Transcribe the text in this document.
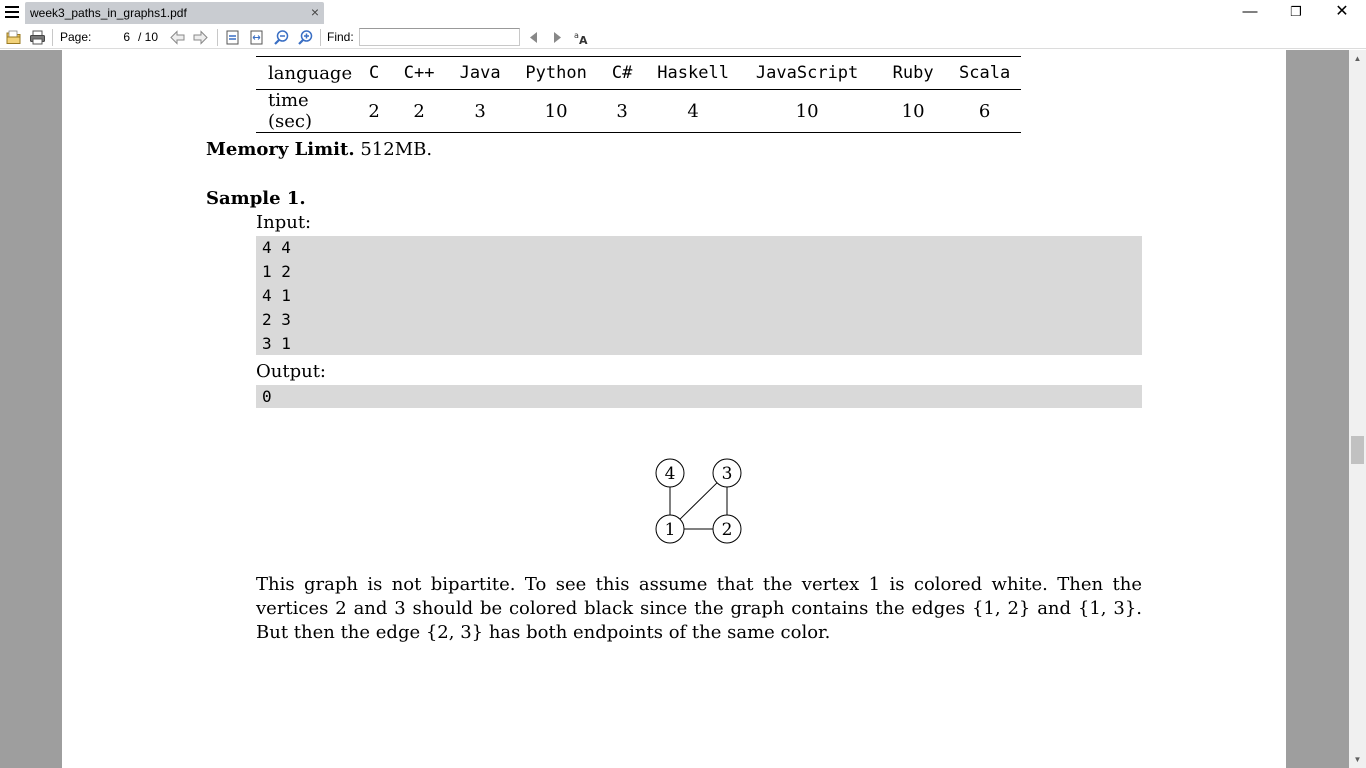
week3_paths_in_graphs1.pdf	×	—	❐	✕
Page:
6	/ 10	Find:	a A
language	C	C++	Java	Python	C#	Haskell	JavaScript	Ruby	Scala
time (sec)	2	2	3	10	3	4	10	10	6
Memory Limit. 512MB.
Sample 1.
Input:
4 4
1 2
4 1
2 3
3 1
Output:
0
4	3
1	2
This graph is not bipartite. To see this assume that the vertex 1 is colored white. Then the vertices 2 and 3 should be colored black since the graph contains the edges {1, 2} and {1, 3}. But then the edge {2, 3} has both endpoints of the same color.
▲
▼
